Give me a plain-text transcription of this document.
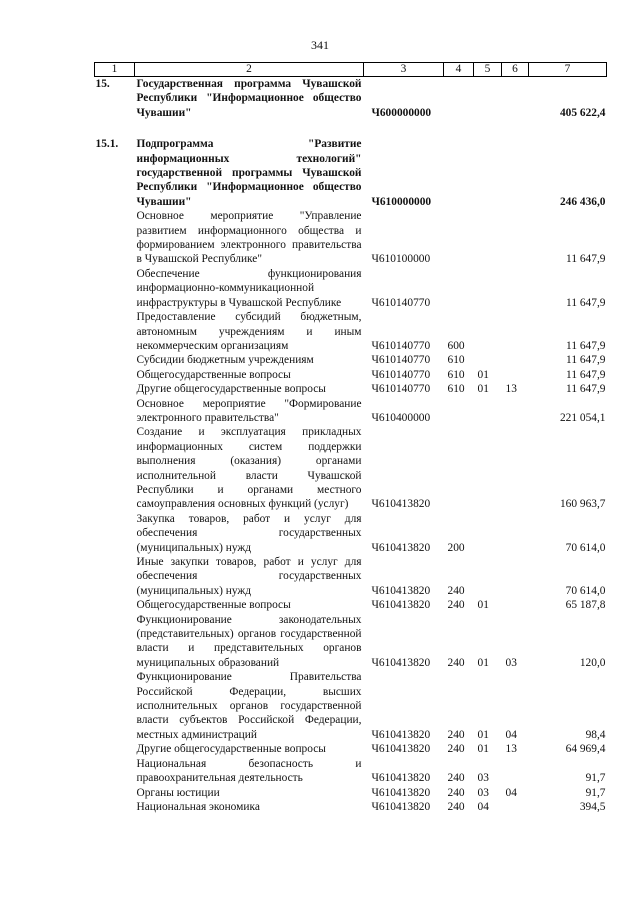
341
1	2	3	4	5	6	7
15.	Государственная программа Чувашской Республики "Информационное общество Чувашии"	Ч600000000				405 622,4
15.1.	Подпрограмма "Развитие информационных технологий" государственной программы Чувашской Республики "Информационное общество Чувашии"	Ч610000000				246 436,0
	Основное мероприятие "Управление развитием информационного общества и формированием электронного правительства в Чувашской Республике"	Ч610100000				11 647,9
	Обеспечение функционирования информационно-коммуникационной инфраструктуры в Чувашской Республике	Ч610140770				11 647,9
	Предоставление субсидий бюджетным, автономным учреждениям и иным некоммерческим организациям	Ч610140770	600			11 647,9
	Субсидии бюджетным учреждениям	Ч610140770	610			11 647,9
	Общегосударственные вопросы	Ч610140770	610	01		11 647,9
	Другие общегосударственные вопросы	Ч610140770	610	01	13	11 647,9
	Основное мероприятие "Формирование электронного правительства"	Ч610400000				221 054,1
	Создание и эксплуатация прикладных информационных систем поддержки выполнения (оказания) органами исполнительной власти Чувашской Республики и органами местного самоуправления основных функций (услуг)	Ч610413820				160 963,7
	Закупка товаров, работ и услуг для обеспечения государственных (муниципальных) нужд	Ч610413820	200			70 614,0
	Иные закупки товаров, работ и услуг для обеспечения государственных (муниципальных) нужд	Ч610413820	240			70 614,0
	Общегосударственные вопросы	Ч610413820	240	01		65 187,8
	Функционирование законодательных (представительных) органов государственной власти и представительных органов муниципальных образований	Ч610413820	240	01	03	120,0
	Функционирование Правительства Российской Федерации, высших исполнительных органов государственной власти субъектов Российской Федерации, местных администраций	Ч610413820	240	01	04	98,4
	Другие общегосударственные вопросы	Ч610413820	240	01	13	64 969,4
	Национальная безопасность и правоохранительная деятельность	Ч610413820	240	03		91,7
	Органы юстиции	Ч610413820	240	03	04	91,7
	Национальная экономика	Ч610413820	240	04		394,5
